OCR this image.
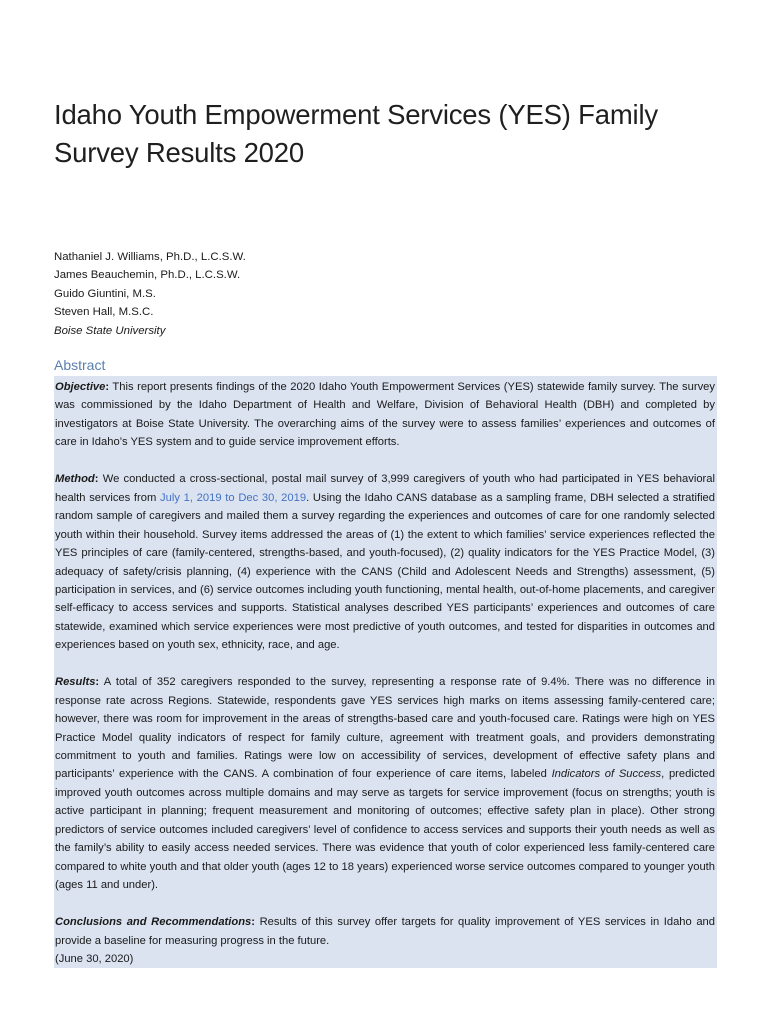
Idaho Youth Empowerment Services (YES) Family Survey Results 2020
Nathaniel J. Williams, Ph.D., L.C.S.W.
James Beauchemin, Ph.D., L.C.S.W.
Guido Giuntini, M.S.
Steven Hall, M.S.C.
Boise State University
Abstract

Objective: This report presents findings of the 2020 Idaho Youth Empowerment Services (YES) statewide family survey. The survey was commissioned by the Idaho Department of Health and Welfare, Division of Behavioral Health (DBH) and completed by investigators at Boise State University. The overarching aims of the survey were to assess families’ experiences and outcomes of care in Idaho’s YES system and to guide service improvement efforts.

Method: We conducted a cross-sectional, postal mail survey of 3,999 caregivers of youth who had participated in YES behavioral health services from July 1, 2019 to Dec 30, 2019. Using the Idaho CANS database as a sampling frame, DBH selected a stratified random sample of caregivers and mailed them a survey regarding the experiences and outcomes of care for one randomly selected youth within their household. Survey items addressed the areas of (1) the extent to which families’ service experiences reflected the YES principles of care (family-centered, strengths-based, and youth-focused), (2) quality indicators for the YES Practice Model, (3) adequacy of safety/crisis planning, (4) experience with the CANS (Child and Adolescent Needs and Strengths) assessment, (5) participation in services, and (6) service outcomes including youth functioning, mental health, out-of-home placements, and caregiver self-efficacy to access services and supports. Statistical analyses described YES participants’ experiences and outcomes of care statewide, examined which service experiences were most predictive of youth outcomes, and tested for disparities in outcomes and experiences based on youth sex, ethnicity, race, and age.

Results: A total of 352 caregivers responded to the survey, representing a response rate of 9.4%. There was no difference in response rate across Regions. Statewide, respondents gave YES services high marks on items assessing family-centered care; however, there was room for improvement in the areas of strengths-based care and youth-focused care. Ratings were high on YES Practice Model quality indicators of respect for family culture, agreement with treatment goals, and providers demonstrating commitment to youth and families. Ratings were low on accessibility of services, development of effective safety plans and participants’ experience with the CANS. A combination of four experience of care items, labeled Indicators of Success, predicted improved youth outcomes across multiple domains and may serve as targets for service improvement (focus on strengths; youth is active participant in planning; frequent measurement and monitoring of outcomes; effective safety plan in place). Other strong predictors of service outcomes included caregivers’ level of confidence to access services and supports their youth needs as well as the family’s ability to easily access needed services. There was evidence that youth of color experienced less family-centered care compared to white youth and that older youth (ages 12 to 18 years) experienced worse service outcomes compared to younger youth (ages 11 and under).

Conclusions and Recommendations: Results of this survey offer targets for quality improvement of YES services in Idaho and provide a baseline for measuring progress in the future.
(June 30, 2020)
